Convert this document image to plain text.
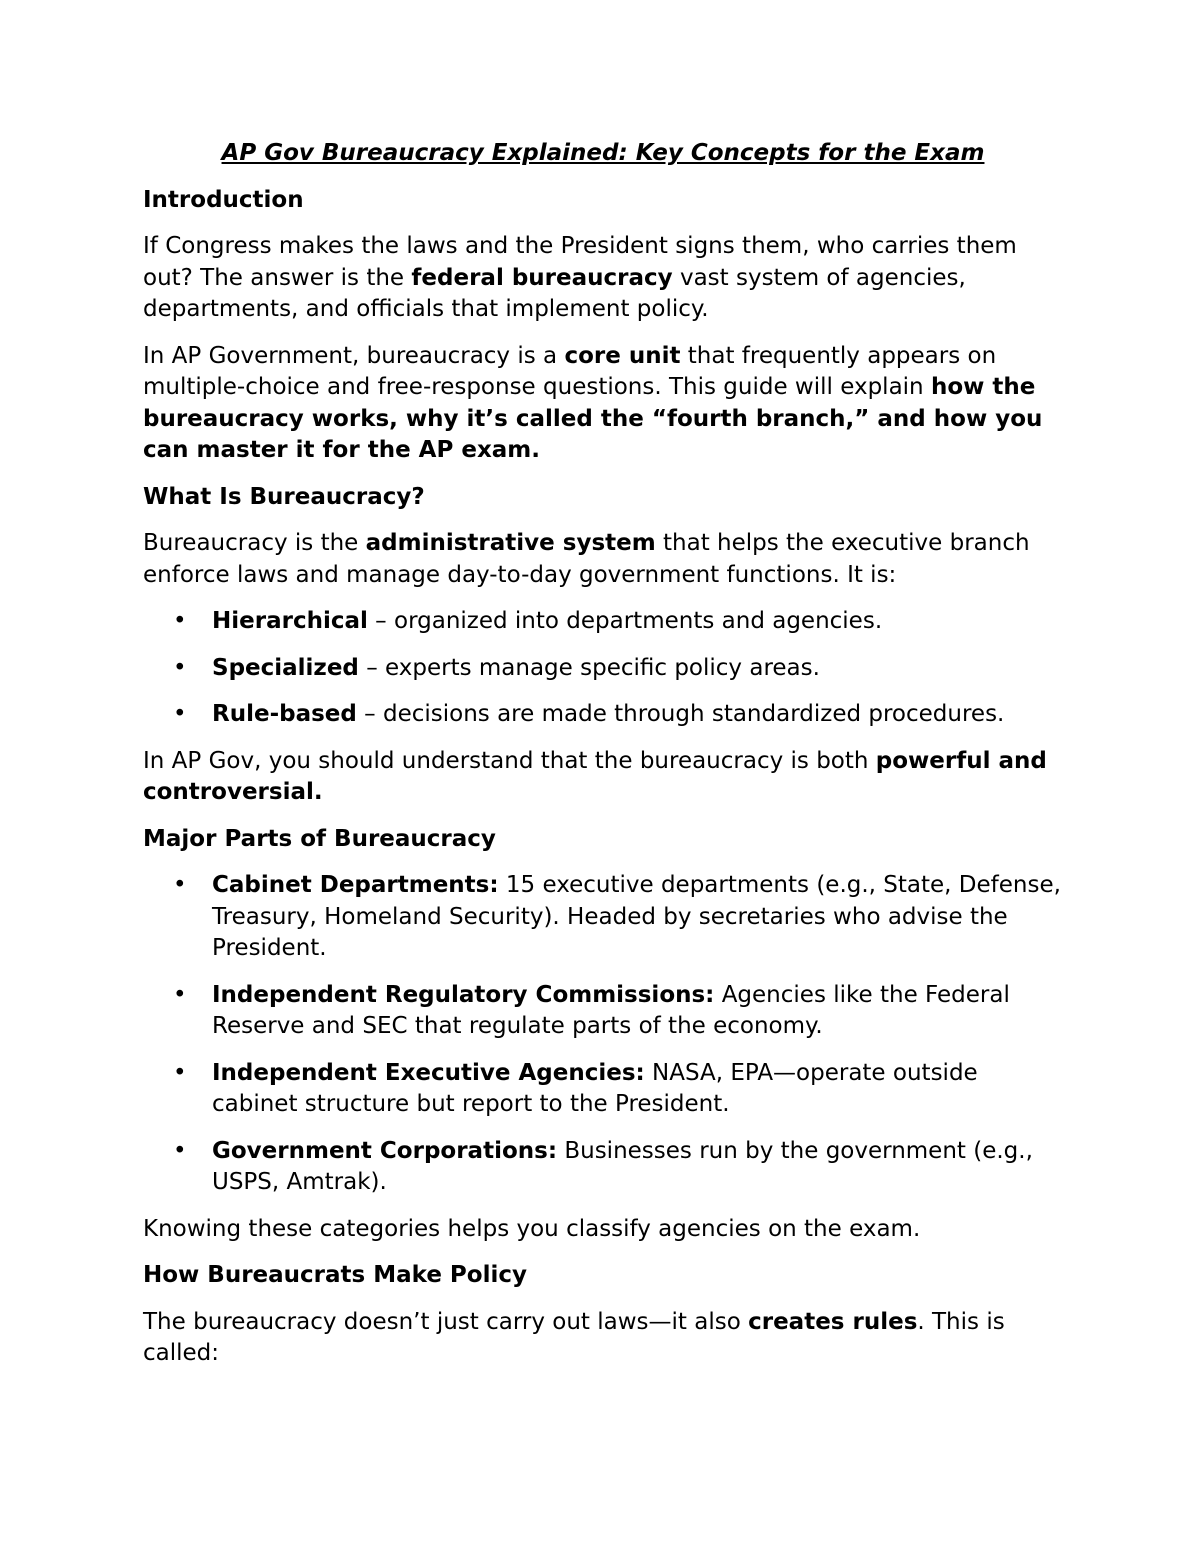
AP Gov Bureaucracy Explained: Key Concepts for the Exam
Introduction

If Congress makes the laws and the President signs them, who carries them out? The answer is the federal bureaucracy vast system of agencies, departments, and officials that implement policy.

In AP Government, bureaucracy is a core unit that frequently appears on multiple-choice and free-response questions. This guide will explain how the bureaucracy works, why it’s called the “fourth branch,” and how you can master it for the AP exam.

What Is Bureaucracy?

Bureaucracy is the administrative system that helps the executive branch enforce laws and manage day-to-day government functions. It is:

• Hierarchical – organized into departments and agencies.
• Specialized – experts manage specific policy areas.
• Rule-based – decisions are made through standardized procedures.

In AP Gov, you should understand that the bureaucracy is both powerful and controversial.

Major Parts of Bureaucracy
• Cabinet Departments: 15 executive departments (e.g., State, Defense, Treasury, Homeland Security). Headed by secretaries who advise the President.
• Independent Regulatory Commissions: Agencies like the Federal Reserve and SEC that regulate parts of the economy.
• Independent Executive Agencies: NASA, EPA—operate outside cabinet structure but report to the President.
• Government Corporations: Businesses run by the government (e.g., USPS, Amtrak).

Knowing these categories helps you classify agencies on the exam.

How Bureaucrats Make Policy

The bureaucracy doesn’t just carry out laws—it also creates rules. This is called:
